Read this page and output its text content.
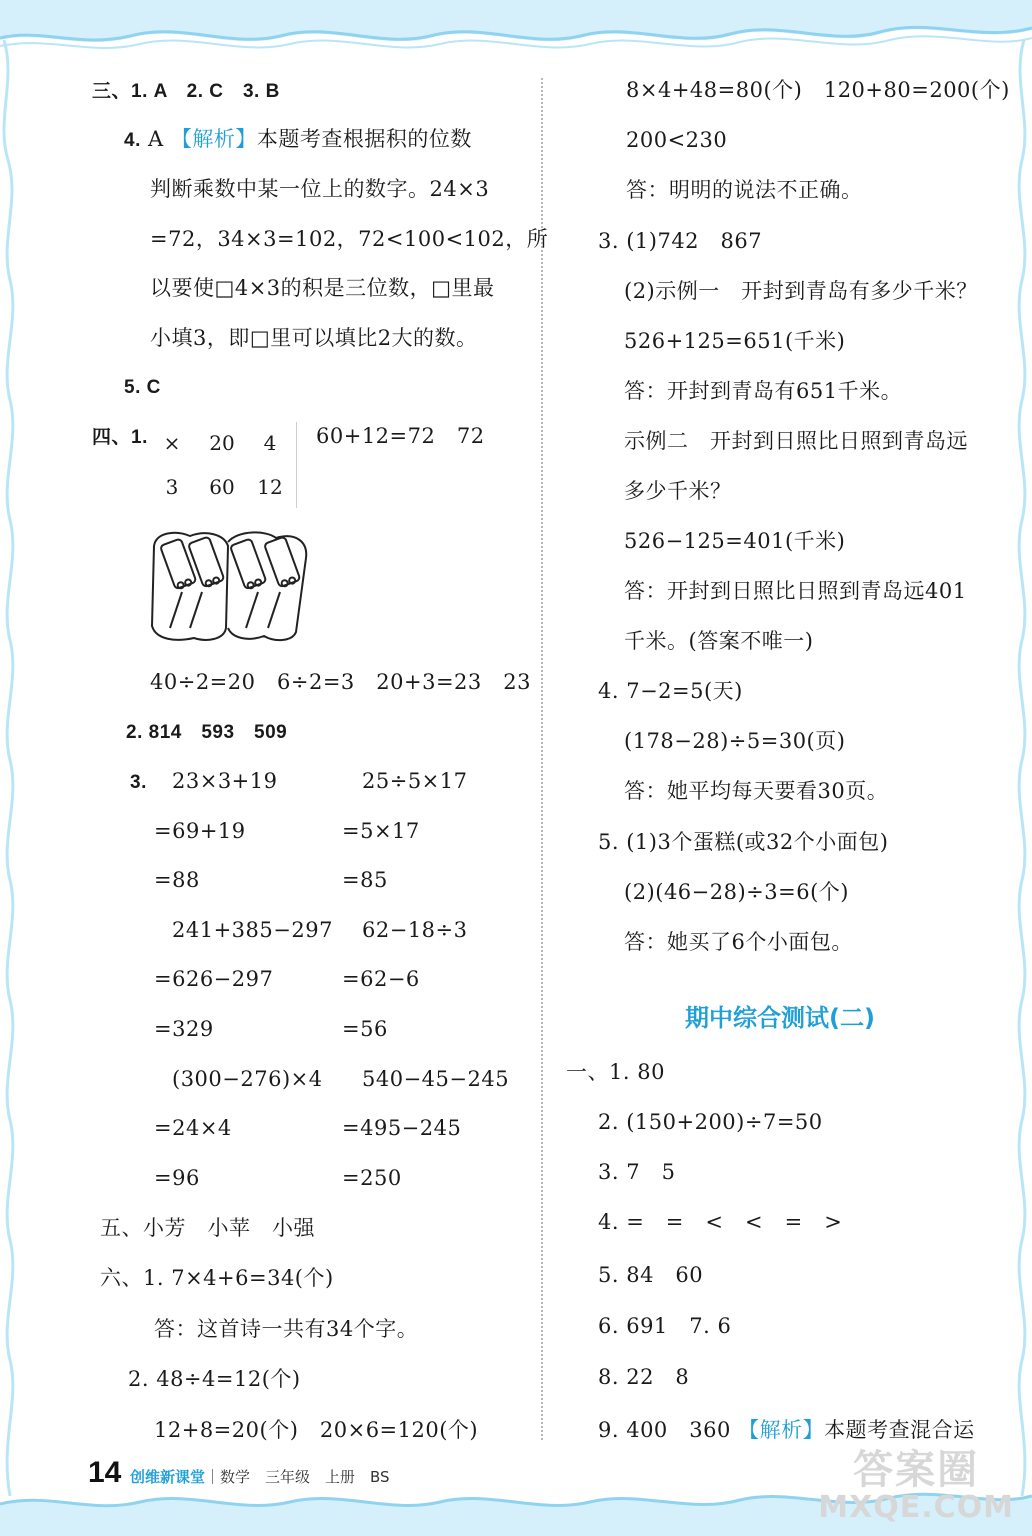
三、1. A　2. C　3. B
4. A 【解析】本题考查根据积的位数
判断乘数中某一位上的数字。24×3
=72，34×3=102，72<100<102，所
以要使□4×3的积是三位数，□里最
小填3，即□里可以填比2大的数。
5. C
四、1. ×	20	4
3	60	12
60+12=72　72
40÷2=20　6÷2=3　20+3=23　23
2. 814　593　509
3. 23×3+19	25÷5×17
=69+19	=5×17
=88	=85
241+385−297 62−18÷3
=626−297	=62−6
=329	=56
(300−276)×4 540−45−245
=24×4	=495−245
=96	=250
五、小芳　小苹　小强
六、1. 7×4+6=34(个)
答：这首诗一共有34个字。
2. 48÷4=12(个)
12+8=20(个)　20×6=120(个)
8×4+48=80(个)　120+80=200(个)
200<230
答：明明的说法不正确。
3. (1)742　867
(2)示例一　开封到青岛有多少千米？
526+125=651(千米)
答：开封到青岛有651千米。
示例二　开封到日照比日照到青岛远
多少千米？
526−125=401(千米)
答：开封到日照比日照到青岛远401
千米。(答案不唯一)
4. 7−2=5(天)
(178−28)÷5=30(页)
答：她平均每天要看30页。
5. (1)3个蛋糕(或32个小面包)
(2)(46−28)÷3=6(个)
答：她买了6个小面包。
期中综合测试(二)
一、1. 80
2. (150+200)÷7=50
3. 7　5
4. =　=　<　<　=　>
5. 84　60
6. 691　7. 6
8. 22　8
9. 400　360 【解析】本题考查混合运
14 创维新课堂｜数学　三年级　上册　BS	答案圈
MXQE.COM
